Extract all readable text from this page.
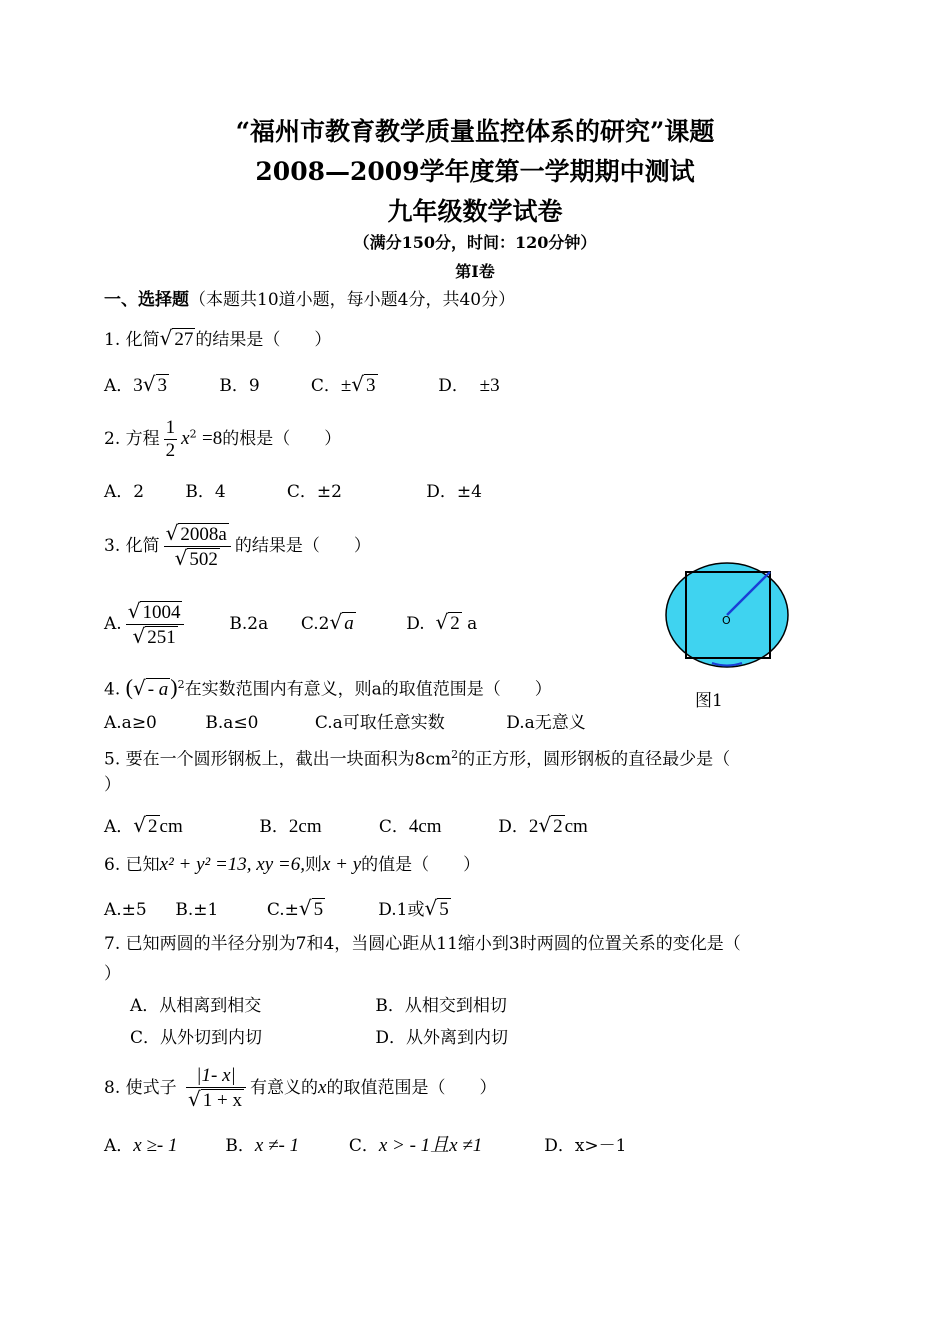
“福州市教育教学质量监控体系的研究”课题
2008—2009学年度第一学期期中测试
九年级数学试卷
（满分150分，时间：120分钟）
第Ⅰ卷
一、选择题（本题共10道小题，每小题4分，共40分）
1. 化简√ 27 的结果是（　　）
A．3√ 3	B．9	C．±√ 3	D． ±3
2. 方程 $\frac{1}{2} x^2 =8$的根是（　　）
A．2 B．4	C．±2	D．±4
3. 化简 $\frac{√ 2008a}{√ 502}$ 的结果是（　　）
A. $\frac{√ 1004}{√ 251}$	B.2a C.2√ a	D. √ 2 a	O
图1
4. (√ - a)$^2$在实数范围内有意义，则a的取值范围是（　　）
A.a≥0	B.a≤0	C.a可取任意实数	D.a无意义
5. 要在一个圆形钢板上，截出一块面积为$8cm^2$的正方形，圆形钢板的直径最少是（
）
A．√ 2 cm	B．2cm	C．4cm	D．2√ 2 cm
6. 已知x² + y² =13, xy =6,则x + y的值是（　　）
A.±5 B.±1	C.±√ 5	D.1或√ 5
7. 已知两圆的半径分别为7和4，当圆心距从11缩小到3时两圆的位置关系的变化是（
）
A．从相离到相交	B．从相交到相切
C．从外切到内切	D．从外离到内切
8. 使式子 $\frac{|1- x|}{√ 1 + x}$ 有意义的x的取值范围是（　　）
A．x ≥- 1	B．x ≠- 1	C．x > - 1且x ≠1	D．x>－1
